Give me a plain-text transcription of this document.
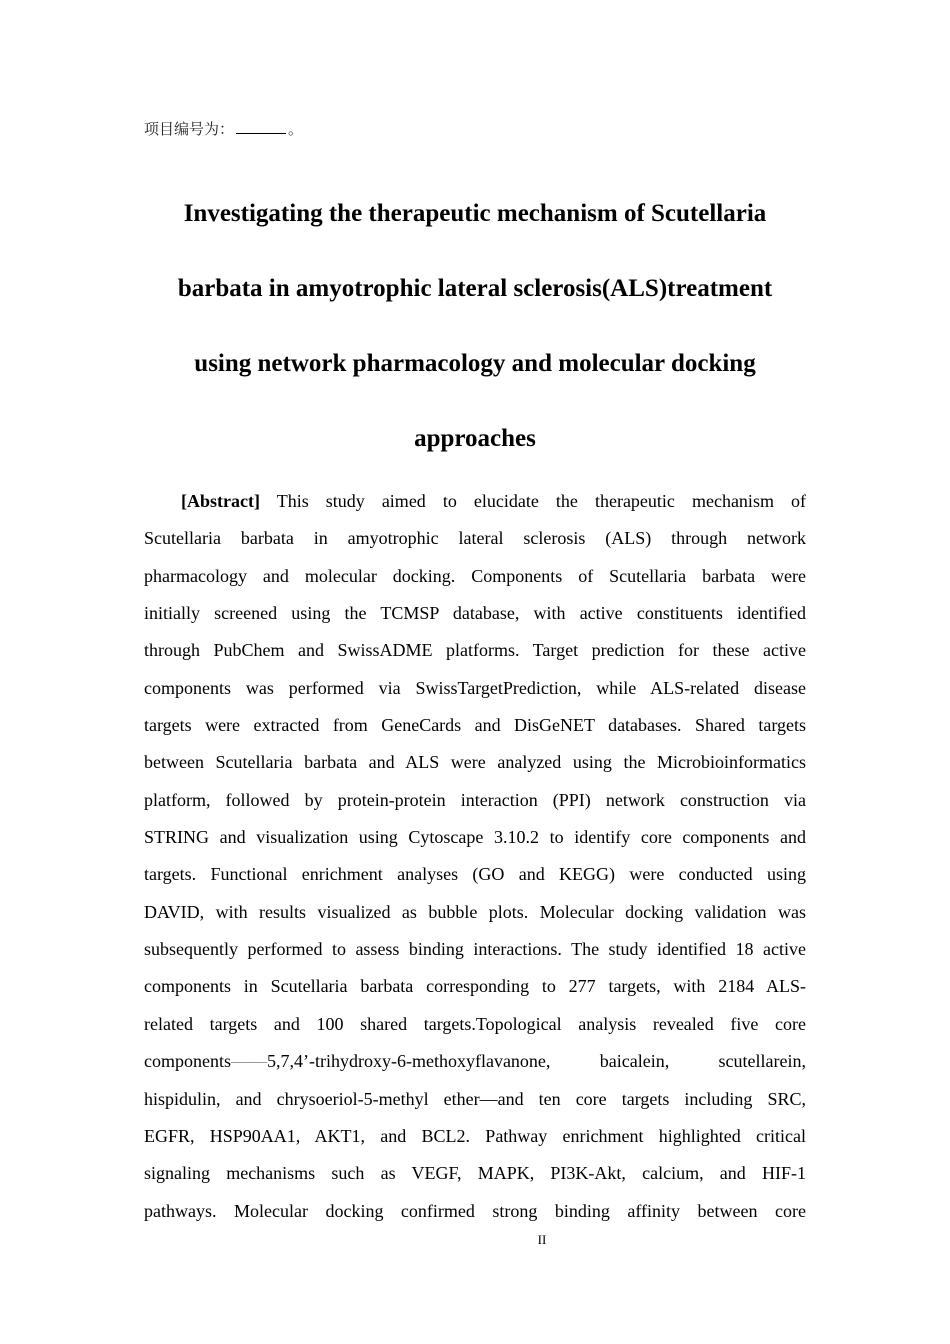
项目编号为：	。
Investigating the therapeutic mechanism of Scutellaria
barbata in amyotrophic lateral sclerosis(ALS)treatment
using network pharmacology and molecular docking
approaches
[Abstract] This study aimed to elucidate the therapeutic mechanism of
Scutellaria barbata in amyotrophic lateral sclerosis (ALS) through network
pharmacology and molecular docking. Components of Scutellaria barbata were
initially screened using the TCMSP database, with active constituents identified
through PubChem and SwissADME platforms. Target prediction for these active
components was performed via SwissTargetPrediction, while ALS-related disease
targets were extracted from GeneCards and DisGeNET databases. Shared targets
between Scutellaria barbata and ALS were analyzed using the Microbioinformatics
platform, followed by protein-protein interaction (PPI) network construction via
STRING and visualization using Cytoscape 3.10.2 to identify core components and
targets. Functional enrichment analyses (GO and KEGG) were conducted using
DAVID, with results visualized as bubble plots. Molecular docking validation was
subsequently performed to assess binding interactions. The study identified 18 active
components in Scutellaria barbata corresponding to 277 targets, with 2184 ALS-
related targets and 100 shared targets.Topological analysis revealed five core
components——5,7,4’-trihydroxy-6-methoxyflavanone, baicalein, scutellarein,
hispidulin, and chrysoeriol-5-methyl ether—and ten core targets including SRC,
EGFR, HSP90AA1, AKT1, and BCL2. Pathway enrichment highlighted critical
signaling mechanisms such as VEGF, MAPK, PI3K-Akt, calcium, and HIF-1
pathways. Molecular docking confirmed strong binding affinity between core
II
